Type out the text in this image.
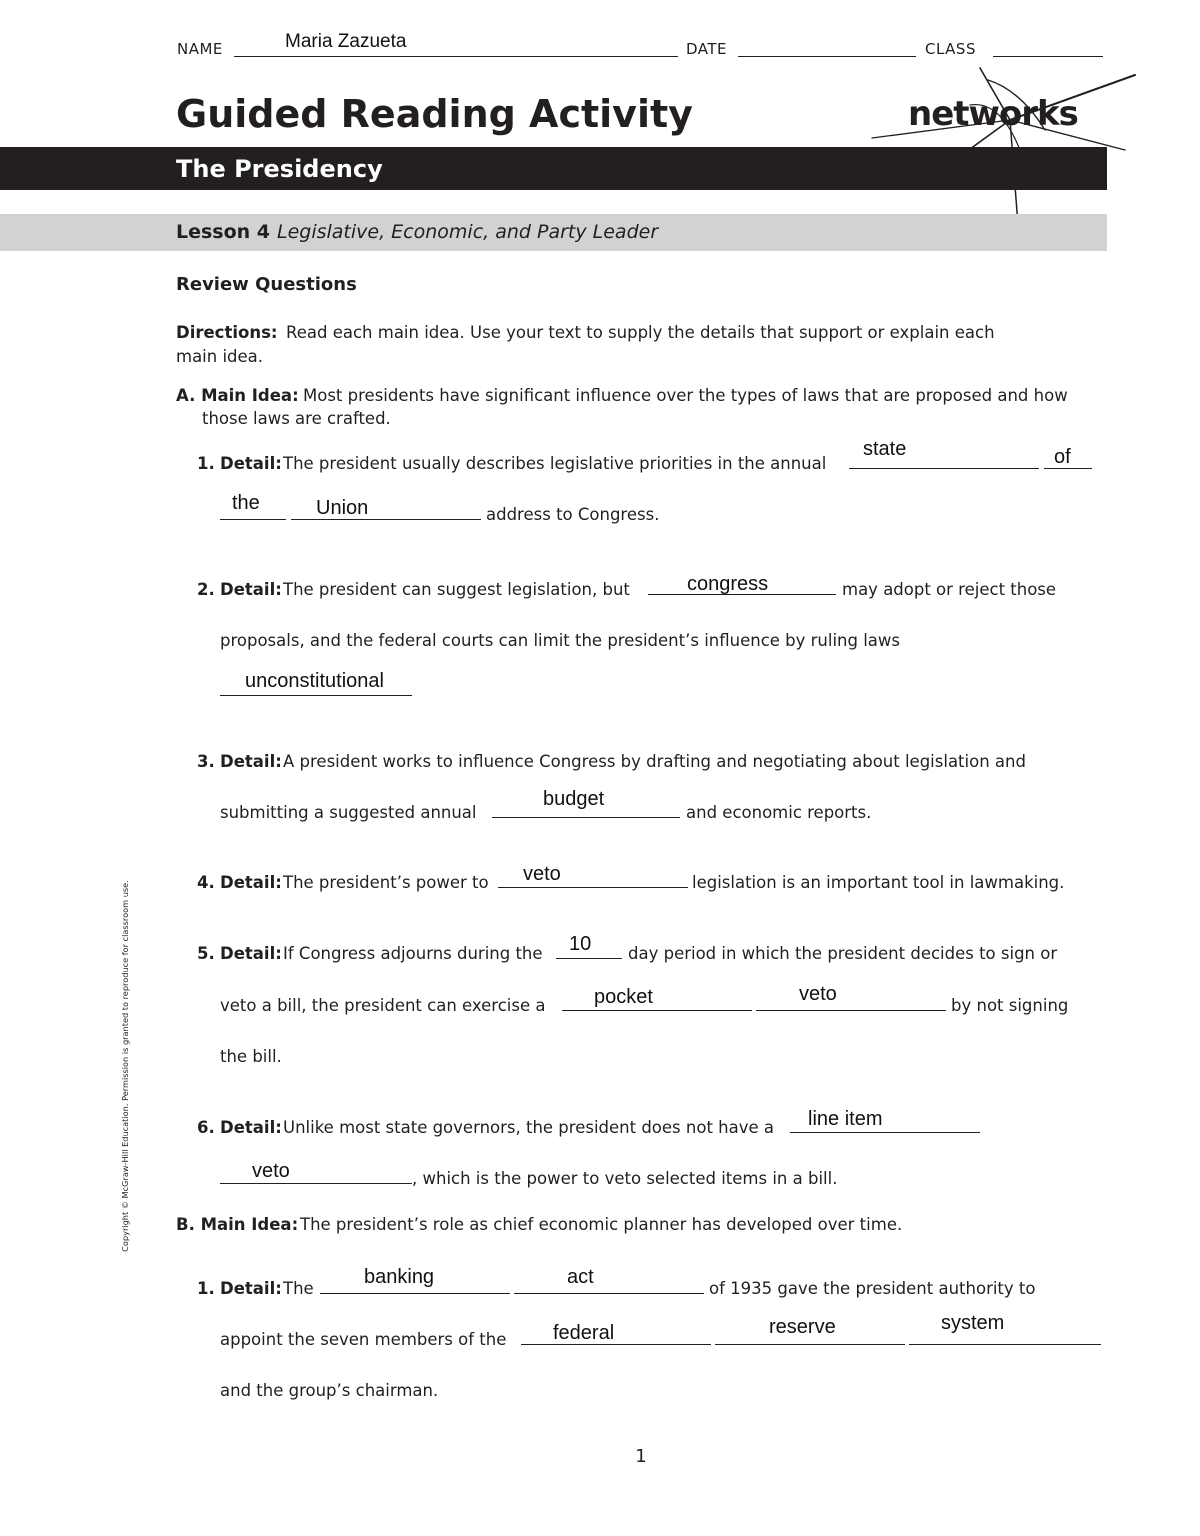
NAME	Maria Zazueta	DATE	CLASS
Guided Reading Activity	networks
The Presidency
Lesson 4 Legislative, Economic, and Party Leader
Review Questions
Directions: Read each main idea. Use your text to supply the details that support or explain each
main idea.
A. Main Idea: Most presidents have significant influence over the types of laws that are proposed and how
those laws are crafted.
1. Detail: The president usually describes legislative priorities in the annual
state	of
the	Union	address to Congress.
2. Detail: The president can suggest legislation, but	congress	may adopt or reject those
proposals, and the federal courts can limit the president’s influence by ruling laws
unconstitutional
3. Detail: A president works to influence Congress by drafting and negotiating about legislation and
submitting a suggested annual
budget
and economic reports.
4. Detail: The president’s power to veto	legislation is an important tool in lawmaking.
5. Detail: If Congress adjourns during the 10 day period in which the president decides to sign or
veto a bill, the president can exercise a pocket	veto
by not signing
the bill.
6. Detail: Unlike most state governors, the president does not have a line item
veto	, which is the power to veto selected items in a bill.
B. Main Idea: The president’s role as chief economic planner has developed over time.
1. Detail: The
banking	act
of 1935 gave the president authority to
appoint the seven members of the federal	reserve	system
and the group’s chairman.
Copyright © McGraw-Hill Education. Permission is granted to reproduce for classroom use.
1
